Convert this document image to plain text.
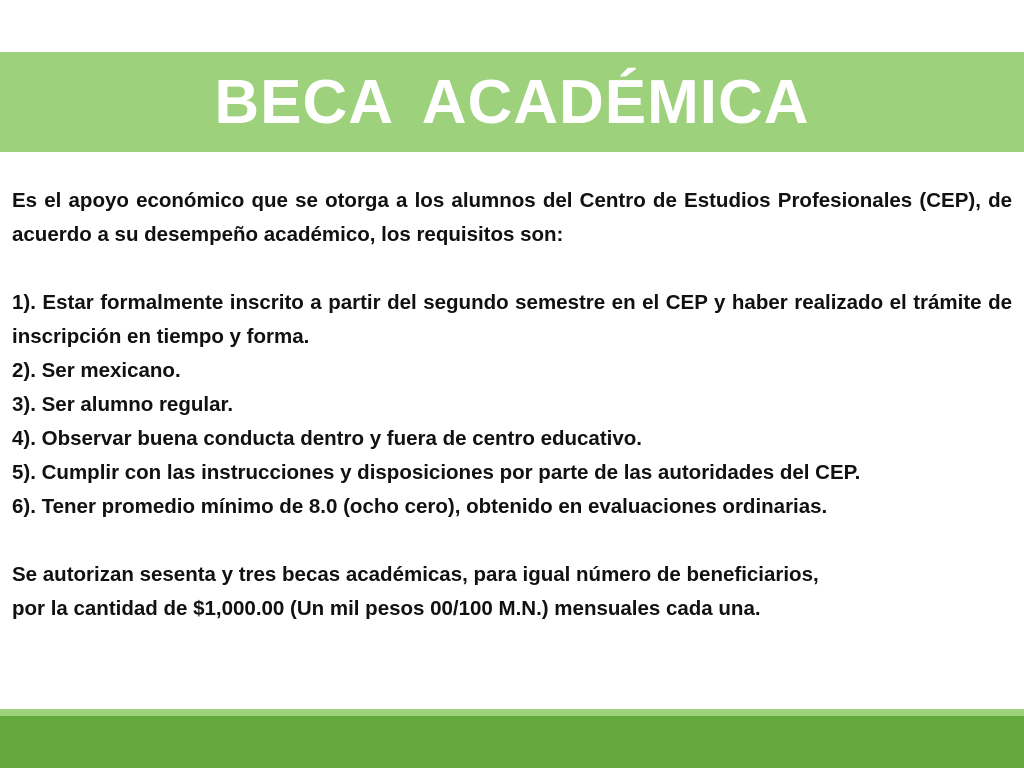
BECA ACADÉMICA

Es el apoyo económico que se otorga a los alumnos del Centro de Estudios Profesionales (CEP), de acuerdo a su desempeño académico, los requisitos son:

1). Estar formalmente inscrito a partir del segundo semestre en el CEP y haber realizado el trámite de inscripción en tiempo y forma.

2). Ser mexicano.

3). Ser alumno regular.

4). Observar buena conducta dentro y fuera de centro educativo.

5). Cumplir con las instrucciones y disposiciones por parte de las autoridades del CEP.

6). Tener promedio mínimo de 8.0 (ocho cero), obtenido en evaluaciones ordinarias.

Se autorizan sesenta y tres becas académicas, para igual número de beneficiarios,

por la cantidad de $1,000.00 (Un mil pesos 00/100 M.N.) mensuales cada una.
